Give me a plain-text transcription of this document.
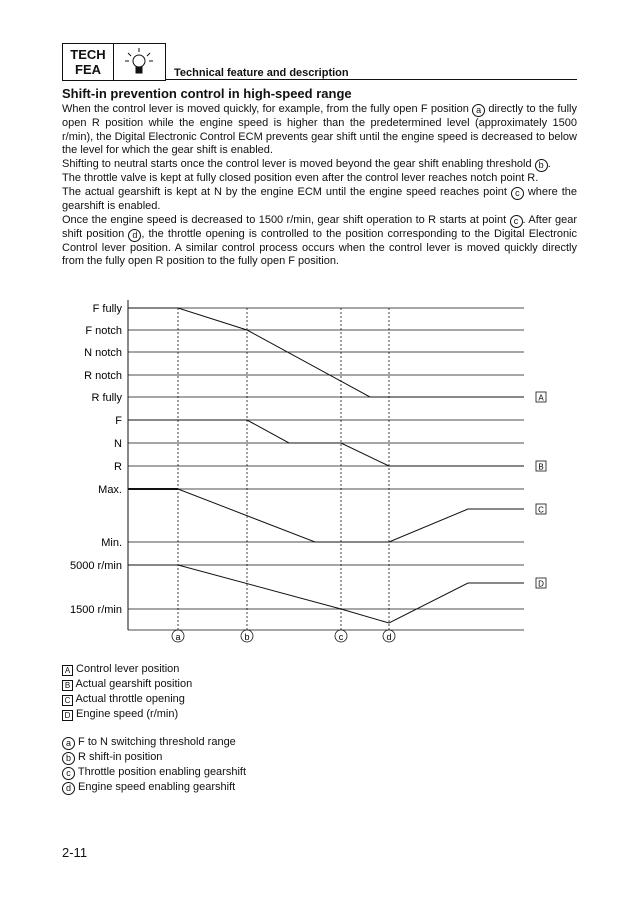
TECH
FEA	Technical feature and description
Shift-in prevention control in high-speed range

When the control lever is moved quickly, for example, from the fully open F position a directly to the fully open R position while the engine speed is higher than the predetermined level (approximately 1500 r/min), the Digital Electronic Control ECM prevents gear shift until the engine speed is decreased to below the level for which the gear shift is enabled.

Shifting to neutral starts once the control lever is moved beyond the gear shift enabling threshold b .

The throttle valve is kept at fully closed position even after the control lever reaches notch point R.

The actual gearshift is kept at N by the engine ECM until the engine speed reaches point c where the gearshift is enabled.

Once the engine speed is decreased to 1500 r/min, gear shift operation to R starts at point c . After gear shift position d , the throttle opening is controlled to the position corresponding to the Digital Electronic Control lever position. A similar control process occurs when the control lever is moved quickly directly from the fully open R position to the fully open F position.

F fully
F notch
N notch
R notch
R fully
F
N
R
Max.
Min.
5000 r/min
1500 r/min
a	b	c	d
A
B
C
D
A Control lever position
B Actual gearshift position
C Actual throttle opening
D Engine speed (r/min)
a F to N switching threshold range
b R shift-in position
c Throttle position enabling gearshift
d Engine speed enabling gearshift
2-11
